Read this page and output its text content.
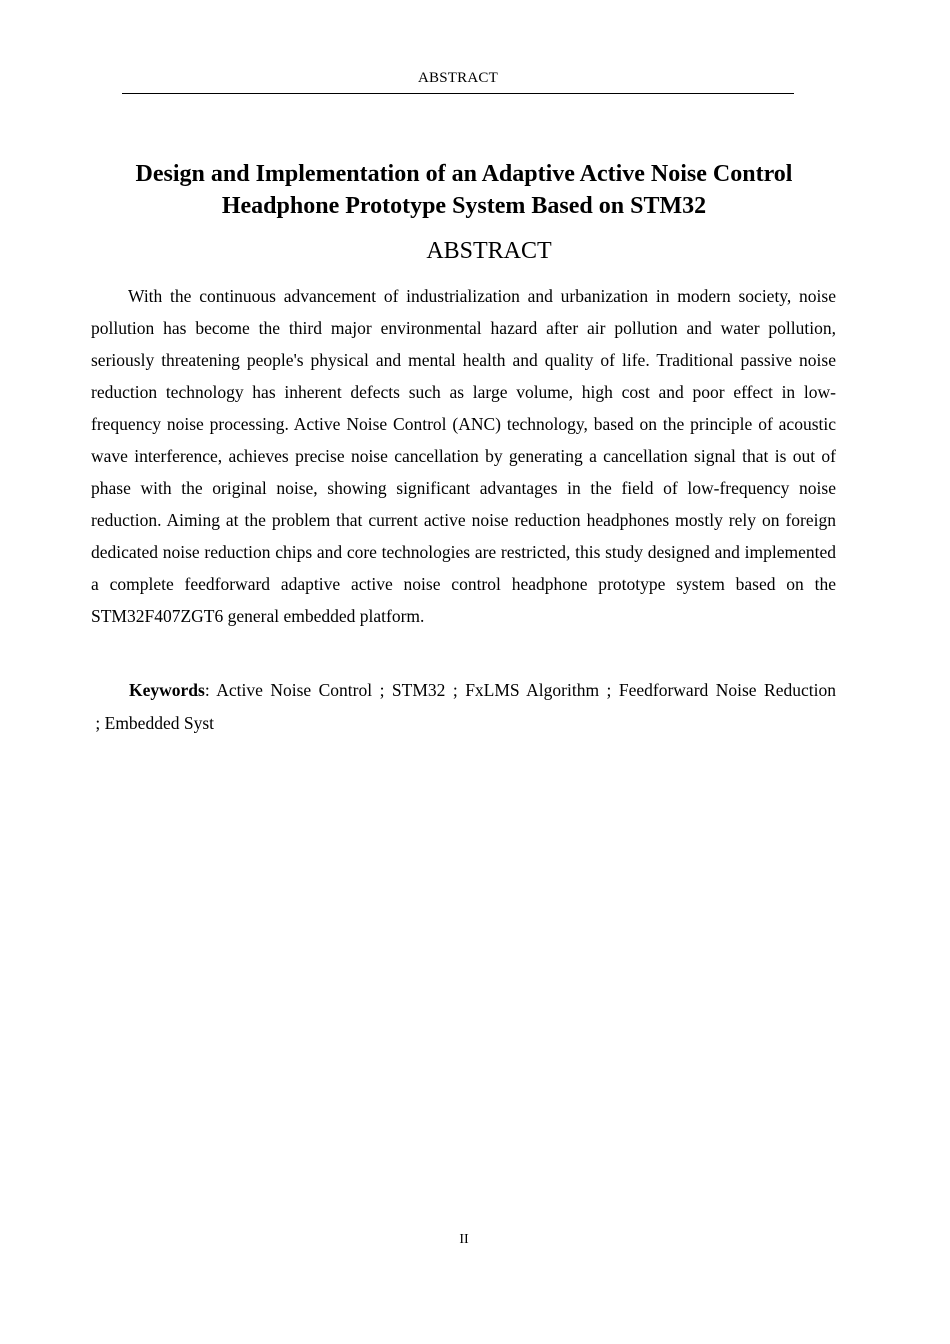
ABSTRACT
Design and Implementation of an Adaptive Active Noise Control
Headphone Prototype System Based on STM32
ABSTRACT

With the continuous advancement of industrialization and urbanization in modern society, noise pollution has become the third major environmental hazard after air pollution and water pollution, seriously threatening people's physical and mental health and quality of life. Traditional passive noise reduction technology has inherent defects such as large volume, high cost and poor effect in low-frequency noise processing. Active Noise Control (ANC) technology, based on the principle of acoustic wave interference, achieves precise noise cancellation by generating a cancellation signal that is out of phase with the original noise, showing significant advantages in the field of low-frequency noise reduction. Aiming at the problem that current active noise reduction headphones mostly rely on foreign dedicated noise reduction chips and core technologies are restricted, this study designed and implemented a complete feedforward adaptive active noise control headphone prototype system based on the STM32F407ZGT6 general embedded platform.

Keywords: Active Noise Control ; STM32 ; FxLMS Algorithm ; Feedforward Noise Reduction ; Embedded Syst

II
